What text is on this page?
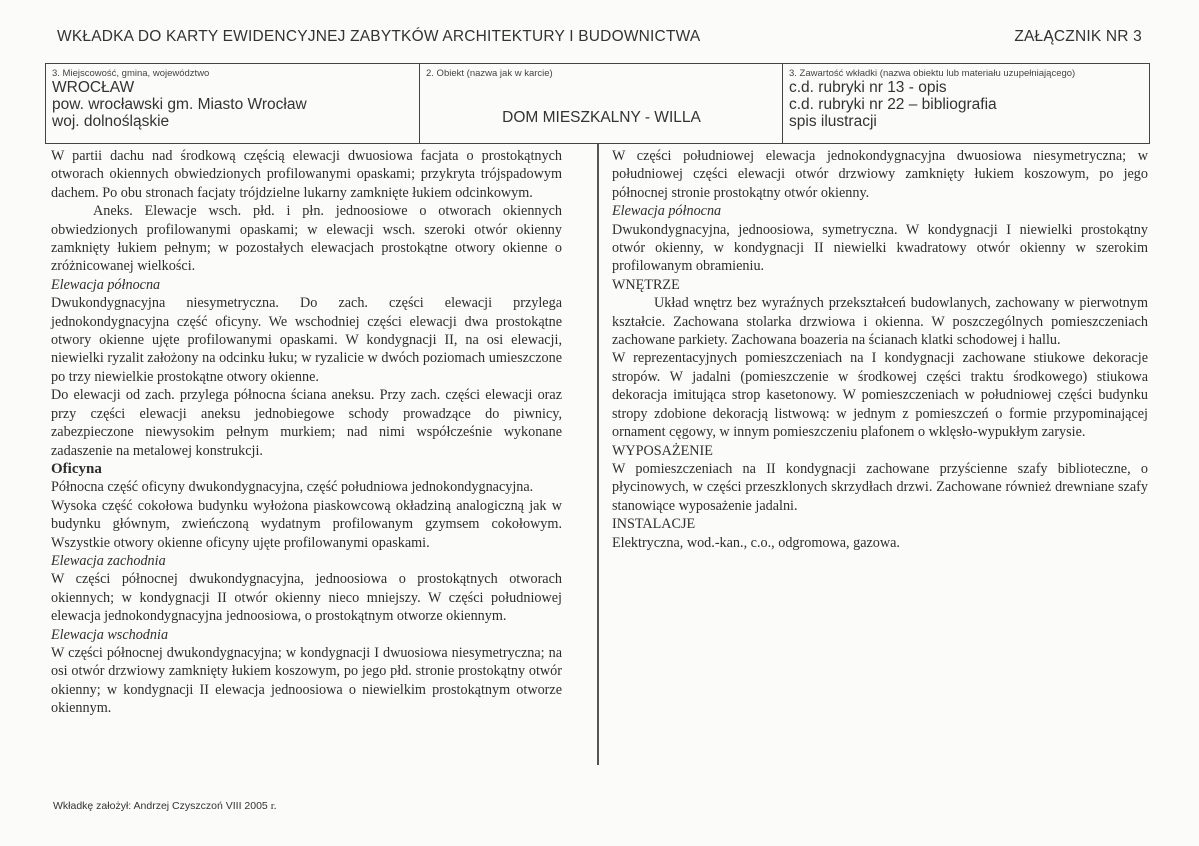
WKŁADKA DO KARTY EWIDENCYJNEJ ZABYTKÓW ARCHITEKTURY I BUDOWNICTWA	ZAŁĄCZNIK NR 3
3. Miejscowość, gmina, województwo
WROCŁAW
pow. wrocławski gm. Miasto Wrocław
woj. dolnośląskie
2. Obiekt (nazwa jak w karcie)
DOM MIESZKALNY - WILLA
3. Zawartość wkładki (nazwa obiektu lub materiału uzupełniającego)
c.d. rubryki nr 13 - opis
c.d. rubryki nr 22 – bibliografia
spis ilustracji

W partii dachu nad środkową częścią elewacji dwuosiowa facjata o prostokątnych otworach okiennych obwiedzionych profilowanymi opaskami; przykryta trójspadowym dachem. Po obu stronach facjaty trójdzielne lukarny zamknięte łukiem odcinkowym.

Aneks. Elewacje wsch. płd. i płn. jednoosiowe o otworach okiennych obwiedzionych profilowanymi opaskami; w elewacji wsch. szeroki otwór okienny zamknięty łukiem pełnym; w pozostałych elewacjach prostokątne otwory okienne o zróżnicowanej wielkości.

Elewacja północna

Dwukondygnacyjna niesymetryczna. Do zach. części elewacji przylega jednokondygnacyjna część oficyny. We wschodniej części elewacji dwa prostokątne otwory okienne ujęte profilowanymi opaskami. W kondygnacji II, na osi elewacji, niewielki ryzalit założony na odcinku łuku; w ryzalicie w dwóch poziomach umieszczone po trzy niewielkie prostokątne otwory okienne.

Do elewacji od zach. przylega północna ściana aneksu. Przy zach. części elewacji oraz przy części elewacji aneksu jednobiegowe schody prowadzące do piwnicy, zabezpieczone niewysokim pełnym murkiem; nad nimi współcześnie wykonane zadaszenie na metalowej konstrukcji.

Oficyna

Północna część oficyny dwukondygnacyjna, część południowa jednokondygnacyjna.

Wysoka część cokołowa budynku wyłożona piaskowcową okładziną analogiczną jak w budynku głównym, zwieńczoną wydatnym profilowanym gzymsem cokołowym. Wszystkie otwory okienne oficyny ujęte profilowanymi opaskami.

Elewacja zachodnia

W części północnej dwukondygnacyjna, jednoosiowa o prostokątnych otworach okiennych; w kondygnacji II otwór okienny nieco mniejszy. W części południowej elewacja jednokondygnacyjna jednoosiowa, o prostokątnym otworze okiennym.

Elewacja wschodnia

W części północnej dwukondygnacyjna; w kondygnacji I dwuosiowa niesymetryczna; na osi otwór drzwiowy zamknięty łukiem koszowym, po jego płd. stronie prostokątny otwór okienny; w kondygnacji II elewacja jednoosiowa o niewielkim prostokątnym otworze okiennym.

W części południowej elewacja jednokondygnacyjna dwuosiowa niesymetryczna; w południowej części elewacji otwór drzwiowy zamknięty łukiem koszowym, po jego północnej stronie prostokątny otwór okienny.

Elewacja północna

Dwukondygnacyjna, jednoosiowa, symetryczna. W kondygnacji I niewielki prostokątny otwór okienny, w kondygnacji II niewielki kwadratowy otwór okienny w szerokim profilowanym obramieniu.

WNĘTRZE

Układ wnętrz bez wyraźnych przekształceń budowlanych, zachowany w pierwotnym kształcie. Zachowana stolarka drzwiowa i okienna. W poszczególnych pomieszczeniach zachowane parkiety. Zachowana boazeria na ścianach klatki schodowej i hallu.

W reprezentacyjnych pomieszczeniach na I kondygnacji zachowane stiukowe dekoracje stropów. W jadalni (pomieszczenie w środkowej części traktu środkowego) stiukowa dekoracja imitująca strop kasetonowy. W pomieszczeniach w południowej części budynku stropy zdobione dekoracją listwową: w jednym z pomieszczeń o formie przypominającej ornament cęgowy, w innym pomieszczeniu plafonem o wklęsło-wypukłym zarysie.

WYPOSAŻENIE

W pomieszczeniach na II kondygnacji zachowane przyścienne szafy biblioteczne, o płycinowych, w części przeszklonych skrzydłach drzwi. Zachowane również drewniane szafy stanowiące wyposażenie jadalni.

INSTALACJE

Elektryczna, wod.-kan., c.o., odgromowa, gazowa.

Wkładkę założył: Andrzej Czyszczoń VIII 2005 r.
